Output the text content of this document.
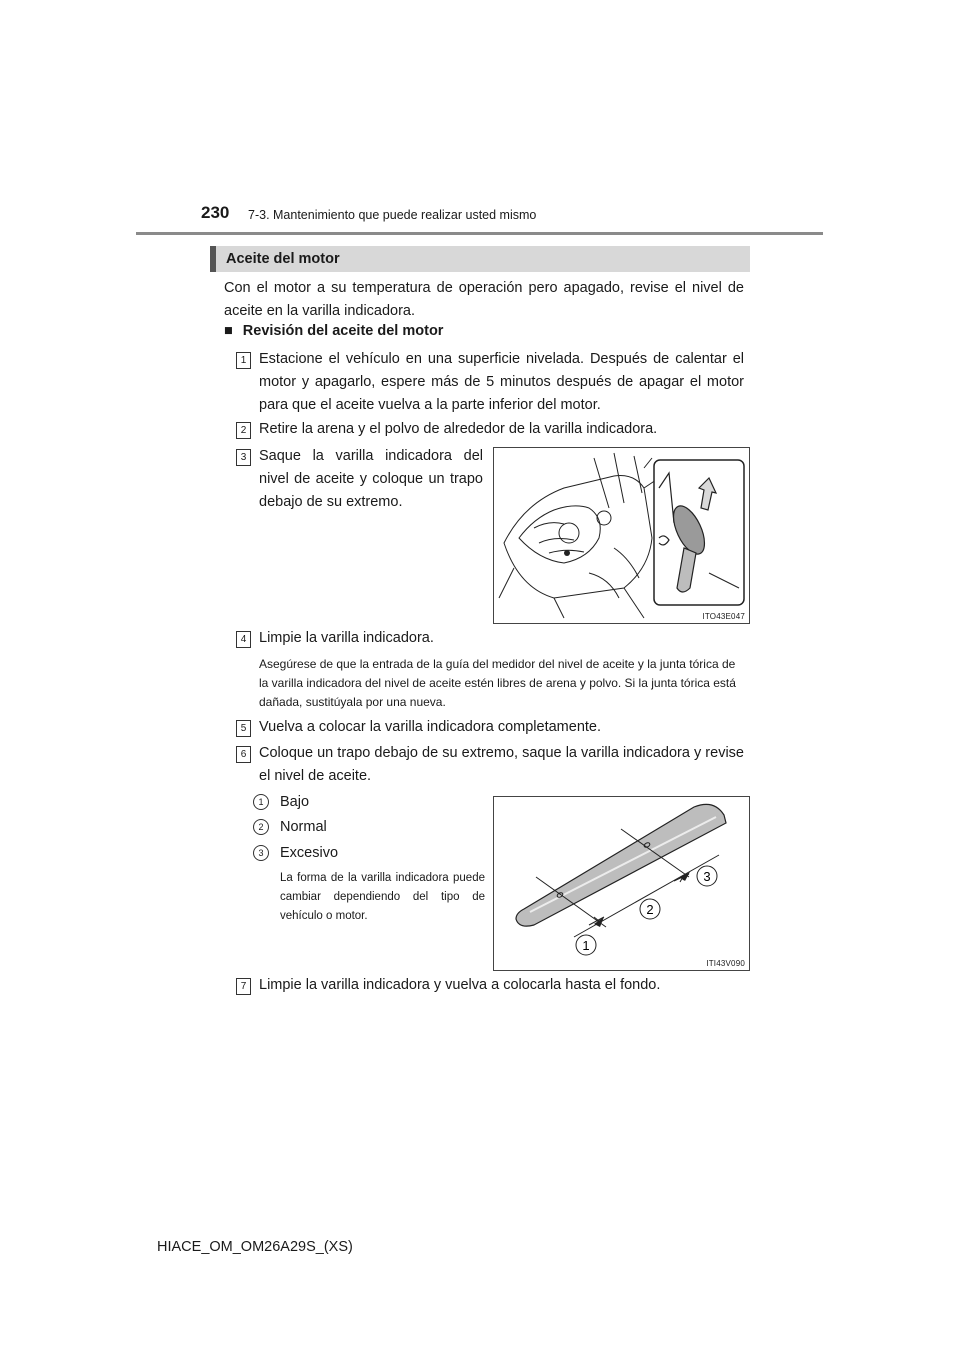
230 7-3. Mantenimiento que puede realizar usted mismo
Aceite del motor
Con el motor a su temperatura de operación pero apagado, revise el nivel de aceite en la varilla indicadora.
■ Revisión del aceite del motor
1 Estacione el vehículo en una superficie nivelada. Después de calentar el motor y apagarlo, espere más de 5 minutos después de apagar el motor para que el aceite vuelva a la parte inferior del motor.
2 Retire la arena y el polvo de alrededor de la varilla indicadora.
3 Saque la varilla indicadora del nivel de aceite y coloque un trapo debajo de su extremo.
ITO43E047
4 Limpie la varilla indicadora.
Asegúrese de que la entrada de la guía del medidor del nivel de aceite y la junta tórica de la varilla indicadora del nivel de aceite estén libres de arena y polvo. Si la junta tórica está dañada, sustitúyala por una nueva.
5 Vuelva a colocar la varilla indicadora completamente.
6 Coloque un trapo debajo de su extremo, saque la varilla indicadora y revise el nivel de aceite.
1	Bajo
2	Normal
3	Excesivo
La forma de la varilla indicadora puede cambiar dependiendo del tipo de vehículo o motor.
1
2
3
ITI43V090
7 Limpie la varilla indicadora y vuelva a colocarla hasta el fondo.
HIACE_OM_OM26A29S_(XS)
